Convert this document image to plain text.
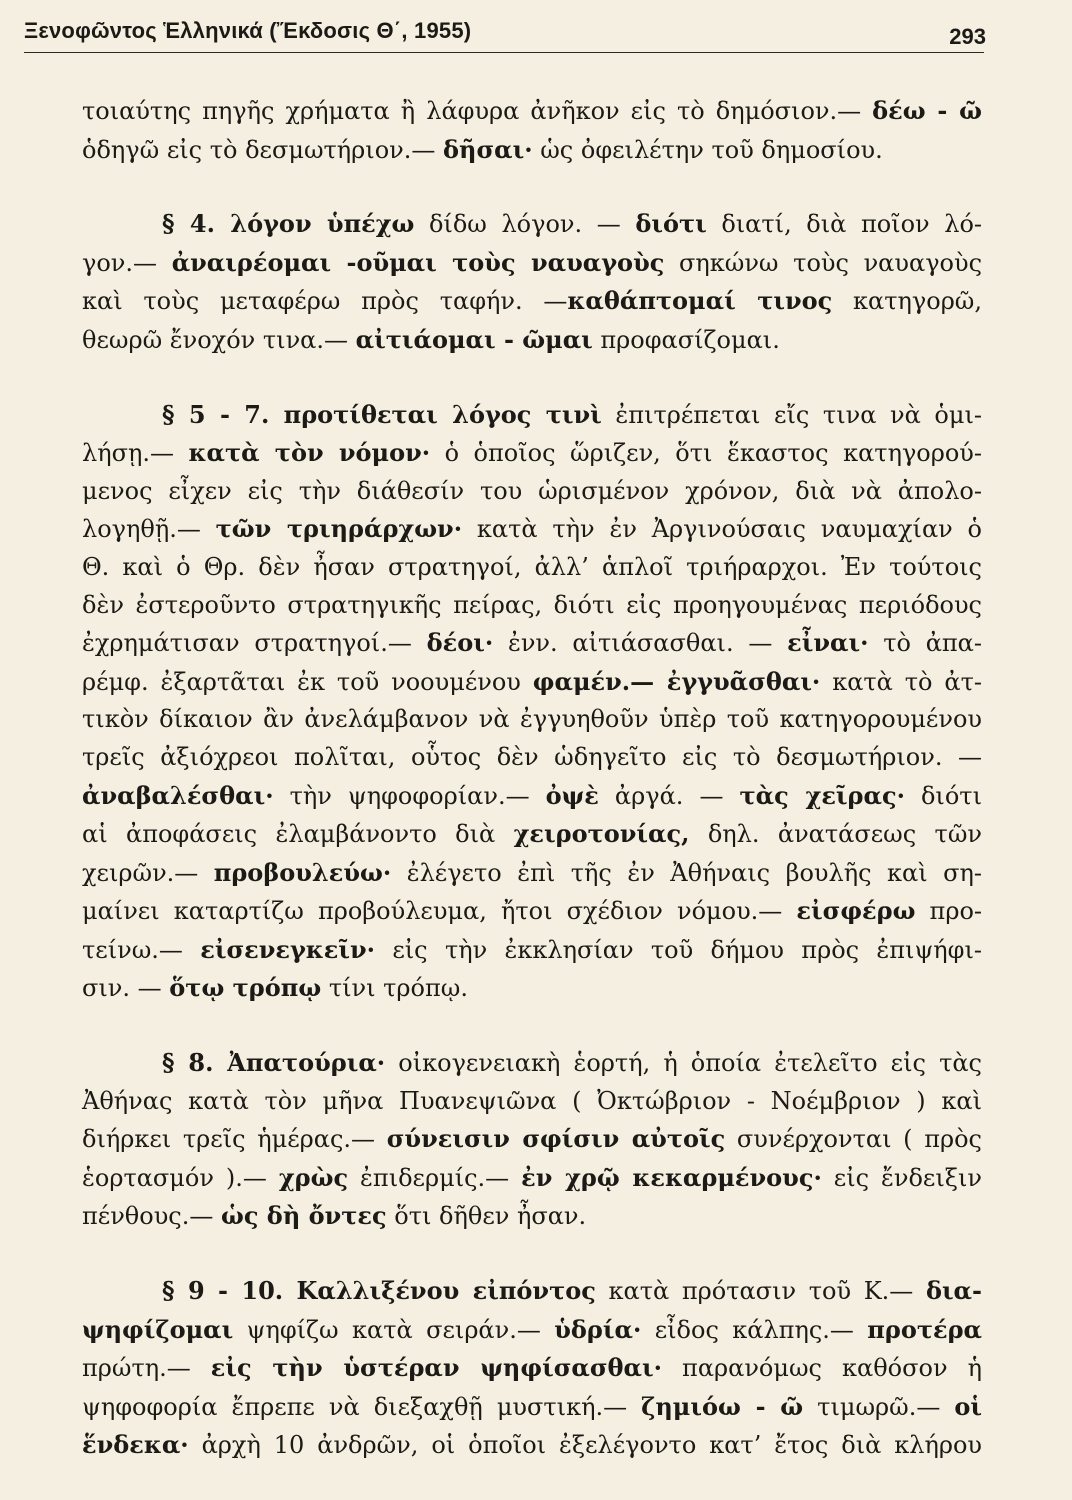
Ξενοφῶντος Ἑλληνικά (Ἔκδοσις Θ΄, 1955)	293
τοιαύτης πηγῆς χρήματα ἢ λάφυρα ἀνῆκον εἰς τὸ δημόσιον.— δέω - ῶ
ὁδηγῶ εἰς τὸ δεσμωτήριον.— δῆσαι· ὡς ὀφειλέτην τοῦ δημοσίου.
§ 4. λόγον ὑπέχω δίδω λόγον. — διότι διατί, διὰ ποῖον λό-
γον.— ἀναιρέομαι -οῦμαι τοὺς ναυαγοὺς σηκώνω τοὺς ναυαγοὺς
καὶ τοὺς μεταφέρω πρὸς ταφήν. —καθάπτομαί τινος κατηγορῶ,
θεωρῶ ἔνοχόν τινα.— αἰτιάομαι - ῶμαι προφασίζομαι.
§ 5 - 7. προτίθεται λόγος τινὶ ἐπιτρέπεται εἴς τινα νὰ ὁμι-
λήσῃ.— κατὰ τὸν νόμον· ὁ ὁποῖος ὥριζεν, ὅτι ἕκαστος κατηγορού-
μενος εἶχεν εἰς τὴν διάθεσίν του ὡρισμένον χρόνον, διὰ νὰ ἀπολο-
λογηθῇ.— τῶν τριηράρχων· κατὰ τὴν ἐν Ἀργινούσαις ναυμαχίαν ὁ
Θ. καὶ ὁ Θρ. δὲν ἦσαν στρατηγοί, ἀλλ’ ἁπλοῖ τριήραρχοι. Ἐν τούτοις
δὲν ἐστεροῦντο στρατηγικῆς πείρας, διότι εἰς προηγουμένας περιόδους
ἐχρημάτισαν στρατηγοί.— δέοι· ἐνν. αἰτιάσασθαι. — εἶναι· τὸ ἀπα-
ρέμφ. ἐξαρτᾶται ἐκ τοῦ νοουμένου φαμέν.— ἐγγυᾶσθαι· κατὰ τὸ ἀτ-
τικὸν δίκαιον ἂν ἀνελάμβανον νὰ ἐγγυηθοῦν ὑπὲρ τοῦ κατηγορουμένου
τρεῖς ἀξιόχρεοι πολῖται, οὗτος δὲν ὡδηγεῖτο εἰς τὸ δεσμωτήριον. —
ἀναβαλέσθαι· τὴν ψηφοφορίαν.— ὀψὲ ἀργά. — τὰς χεῖρας· διότι
αἱ ἀποφάσεις ἐλαμβάνοντο διὰ χειροτονίας, δηλ. ἀνατάσεως τῶν
χειρῶν.— προβουλεύω· ἐλέγετο ἐπὶ τῆς ἐν Ἀθήναις βουλῆς καὶ ση-
μαίνει καταρτίζω προβούλευμα, ἤτοι σχέδιον νόμου.— εἰσφέρω προ-
τείνω.— εἰσενεγκεῖν· εἰς τὴν ἐκκλησίαν τοῦ δήμου πρὸς ἐπιψήφι-
σιν. — ὅτῳ τρόπῳ τίνι τρόπῳ.
§ 8. Ἀπατούρια· οἰκογενειακὴ ἑορτή, ἡ ὁποία ἐτελεῖτο εἰς τὰς
Ἀθήνας κατὰ τὸν μῆνα Πυανεψιῶνα ( Ὀκτώβριον - Νοέμβριον ) καὶ
διήρκει τρεῖς ἡμέρας.— σύνεισιν σφίσιν αὐτοῖς συνέρχονται ( πρὸς
ἑορτασμόν ).— χρὼς ἐπιδερμίς.— ἐν χρῷ κεκαρμένους· εἰς ἔνδειξιν
πένθους.— ὡς δὴ ὄντες ὅτι δῆθεν ἦσαν.
§ 9 - 10. Καλλιξένου εἰπόντος κατὰ πρότασιν τοῦ Κ.— δια-
ψηφίζομαι ψηφίζω κατὰ σειράν.— ὑδρία· εἶδος κάλπης.— προτέρα
πρώτη.— εἰς τὴν ὑστέραν ψηφίσασθαι· παρανόμως καθόσον ἡ
ψηφοφορία ἔπρεπε νὰ διεξαχθῇ μυστική.— ζημιόω - ῶ τιμωρῶ.— οἱ
ἕνδεκα· ἀρχὴ 10 ἀνδρῶν, οἱ ὁποῖοι ἐξελέγοντο κατ’ ἔτος διὰ κλήρου
